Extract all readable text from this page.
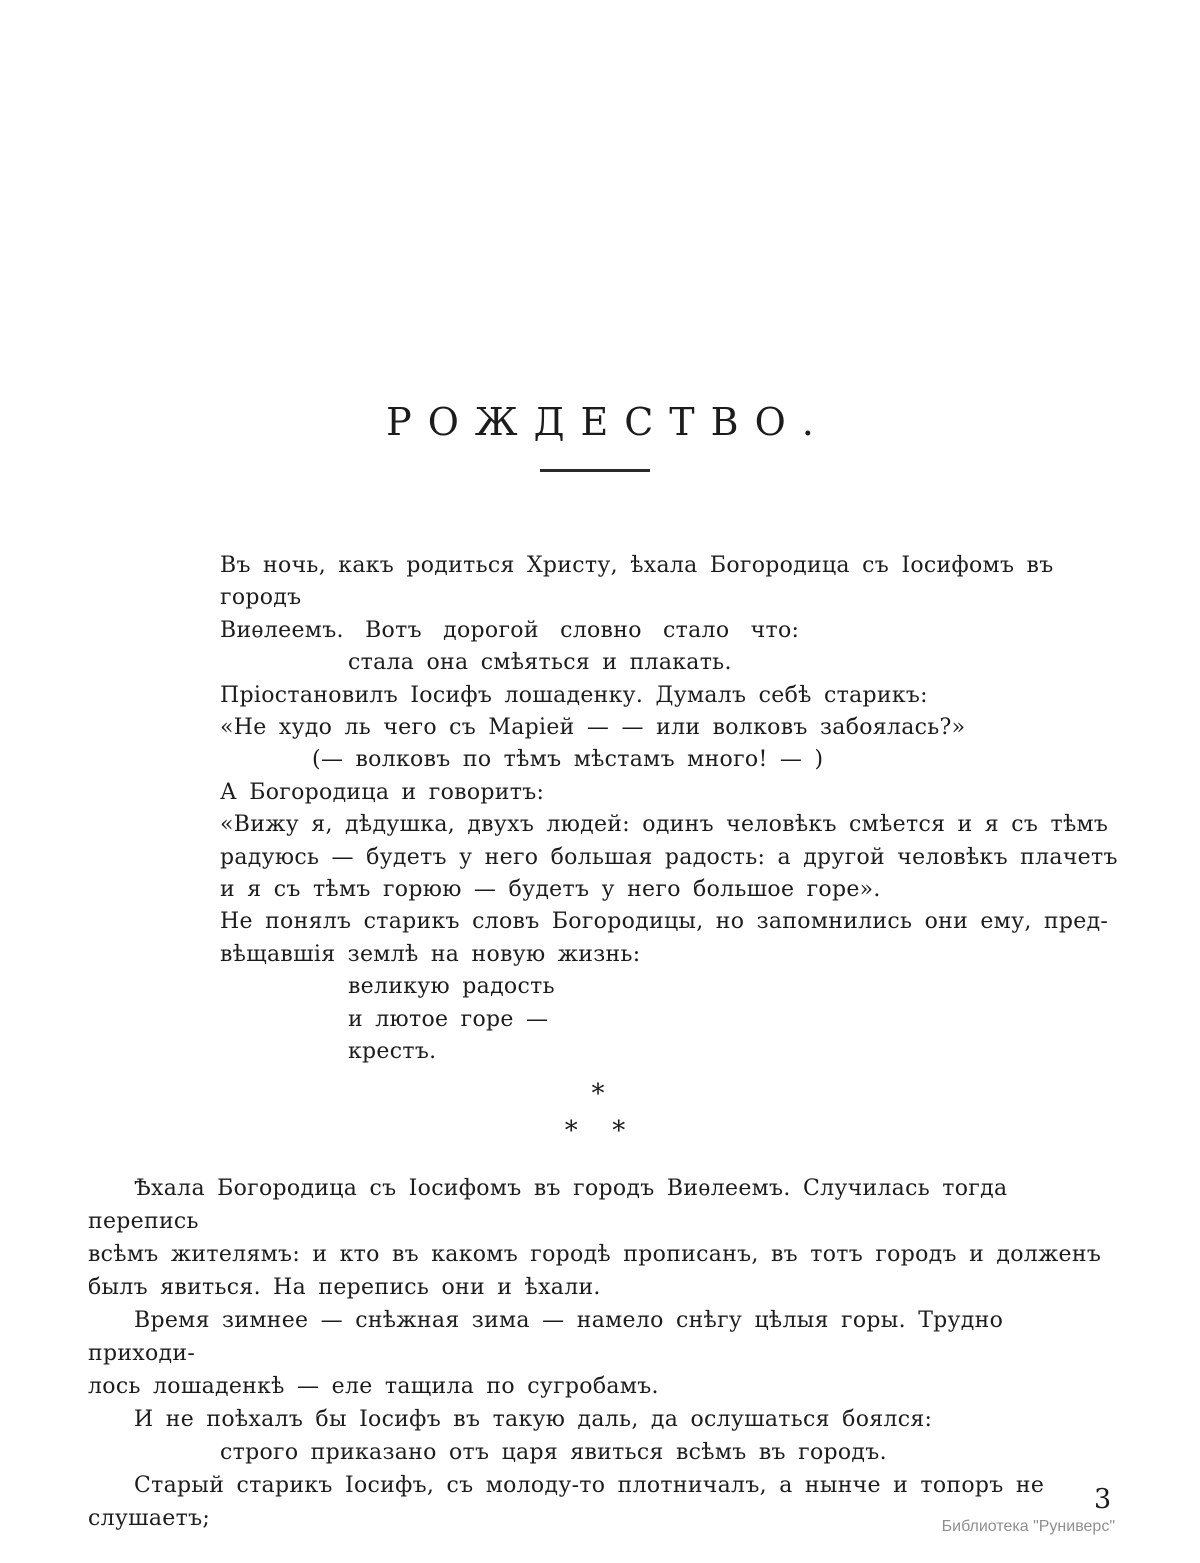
РОЖДЕСТВО.
Въ ночь, какъ родиться Христу, ѣхала Богородица съ Іосифомъ въ городъ
Виѳлеемъ. Вотъ дорогой словно стало что:
стала она смѣяться и плакать.
Пріостановилъ Іосифъ лошаденку. Думалъ себѣ старикъ:
«Не худо ль чего съ Маріей — — или волковъ забоялась?»
(— волковъ по тѣмъ мѣстамъ много! — )
А Богородица и говоритъ:
«Вижу я, дѣдушка, двухъ людей: одинъ человѣкъ смѣется и я съ тѣмъ
радуюсь — будетъ у него большая радость: а другой человѣкъ плачетъ
и я съ тѣмъ горюю — будетъ у него большое горе».
Не понялъ старикъ словъ Богородицы, но запомнились они ему, пред-
вѣщавшія землѣ на новую жизнь:
великую радость
и лютое горе —
крестъ.
*
*  *
Ѣхала Богородица съ Іосифомъ въ городъ Виѳлеемъ. Случилась тогда перепись
всѣмъ жителямъ: и кто въ какомъ городѣ прописанъ, въ тотъ городъ и долженъ
былъ явиться. На перепись они и ѣхали.
Время зимнее — снѣжная зима — намело снѣгу цѣлыя горы. Трудно приходи-
лось лошаденкѣ — еле тащила по сугробамъ.
И не поѣхалъ бы Іосифъ въ такую даль, да ослушаться боялся:
строго приказано отъ царя явиться всѣмъ въ городъ.
Старый старикъ Іосифъ, съ молоду-то плотничалъ, а нынче и топоръ не слушаетъ;
3
Библиотека "Руниверс"
